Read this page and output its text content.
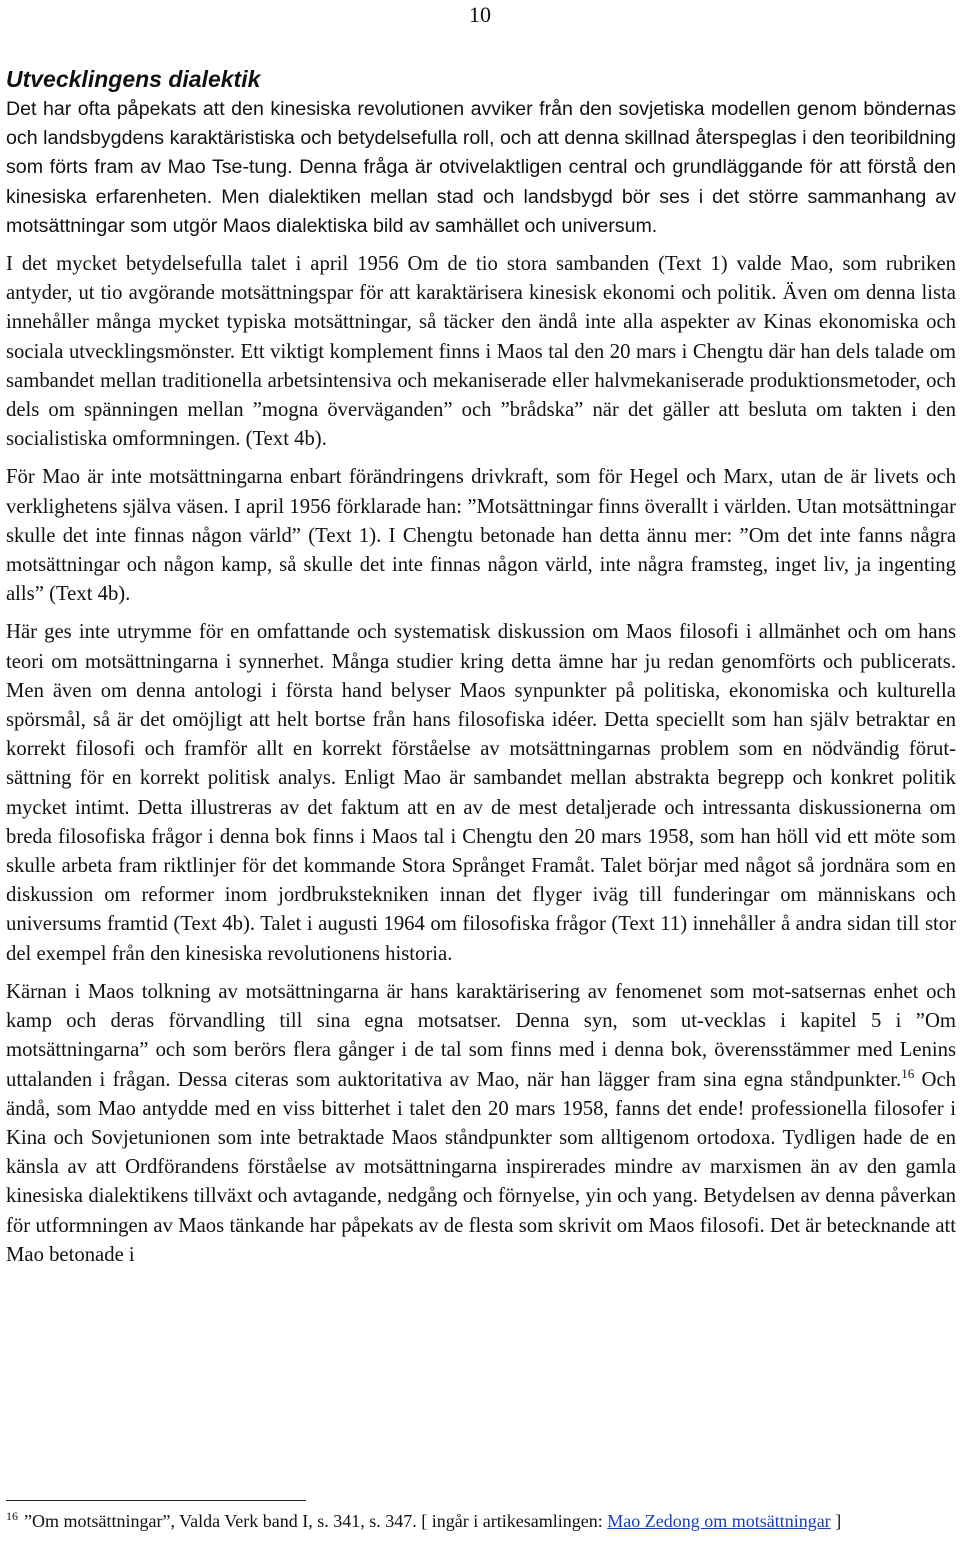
10
Utvecklingens dialektik

Det har ofta påpekats att den kinesiska revolutionen avviker från den sovjetiska modellen genom böndernas och landsbygdens karaktäristiska och betydelsefulla roll, och att denna skillnad återspeglas i den teoribildning som förts fram av Mao Tse-tung. Denna fråga är otvivelaktligen central och grundläggande för att förstå den kinesiska erfarenheten. Men dialektiken mellan stad och landsbygd bör ses i det större sammanhang av motsättningar som utgör Maos dialektiska bild av samhället och universum.

I det mycket betydelsefulla talet i april 1956 Om de tio stora sambanden (Text 1) valde Mao, som rubriken antyder, ut tio avgörande motsättningspar för att karaktärisera kinesisk ekonomi och politik. Även om denna lista innehåller många mycket typiska motsättningar, så täcker den ändå inte alla aspekter av Kinas ekonomiska och sociala utvecklingsmönster. Ett viktigt komplement finns i Maos tal den 20 mars i Chengtu där han dels talade om sambandet mellan traditionella arbetsintensiva och mekaniserade eller halvmekaniserade produktionsmetoder, och dels om spänningen mellan ”mogna överväganden” och ”brådska” när det gäller att besluta om takten i den socialistiska omformningen. (Text 4b).

För Mao är inte motsättningarna enbart förändringens drivkraft, som för Hegel och Marx, utan de är livets och verklighetens själva väsen. I april 1956 förklarade han: ”Motsättningar finns överallt i världen. Utan motsättningar skulle det inte finnas någon värld” (Text 1). I Chengtu betonade han detta ännu mer: ”Om det inte fanns några motsättningar och någon kamp, så skulle det inte finnas någon värld, inte några framsteg, inget liv, ja ingenting alls” (Text 4b).

Här ges inte utrymme för en omfattande och systematisk diskussion om Maos filosofi i allmänhet och om hans teori om motsättningarna i synnerhet. Många studier kring detta ämne har ju redan genomförts och publicerats. Men även om denna antologi i första hand belyser Maos synpunkter på politiska, ekonomiska och kulturella spörsmål, så är det omöjligt att helt bortse från hans filosofiska idéer. Detta speciellt som han själv betraktar en korrekt filosofi och framför allt en korrekt förståelse av motsättningarnas problem som en nödvändig förut-sättning för en korrekt politisk analys. Enligt Mao är sambandet mellan abstrakta begrepp och konkret politik mycket intimt. Detta illustreras av det faktum att en av de mest detaljerade och intressanta diskussionerna om breda filosofiska frågor i denna bok finns i Maos tal i Chengtu den 20 mars 1958, som han höll vid ett möte som skulle arbeta fram riktlinjer för det kommande Stora Språnget Framåt. Talet börjar med något så jordnära som en diskussion om reformer inom jordbrukstekniken innan det flyger iväg till funderingar om människans och universums framtid (Text 4b). Talet i augusti 1964 om filosofiska frågor (Text 11) innehåller å andra sidan till stor del exempel från den kinesiska revolutionens historia.

Kärnan i Maos tolkning av motsättningarna är hans karaktärisering av fenomenet som mot-satsernas enhet och kamp och deras förvandling till sina egna motsatser. Denna syn, som ut-vecklas i kapitel 5 i ”Om motsättningarna” och som berörs flera gånger i de tal som finns med i denna bok, överensstämmer med Lenins uttalanden i frågan. Dessa citeras som auktoritativa av Mao, när han lägger fram sina egna ståndpunkter.$^{16}$ Och ändå, som Mao antydde med en viss bitterhet i talet den 20 mars 1958, fanns det ende! professionella filosofer i Kina och Sovjetunionen som inte betraktade Maos ståndpunkter som alltigenom ortodoxa. Tydligen hade de en känsla av att Ordförandens förståelse av motsättningarna inspirerades mindre av marxismen än av den gamla kinesiska dialektikens tillväxt och avtagande, nedgång och förnyelse, yin och yang. Betydelsen av denna påverkan för utformningen av Maos tänkande har påpekats av de flesta som skrivit om Maos filosofi. Det är betecknande att Mao betonade i

$^{16}$ ”Om motsättningar”, Valda Verk band I, s. 341, s. 347. [ ingår i artikesamlingen: Mao Zedong om motsättningar ]
